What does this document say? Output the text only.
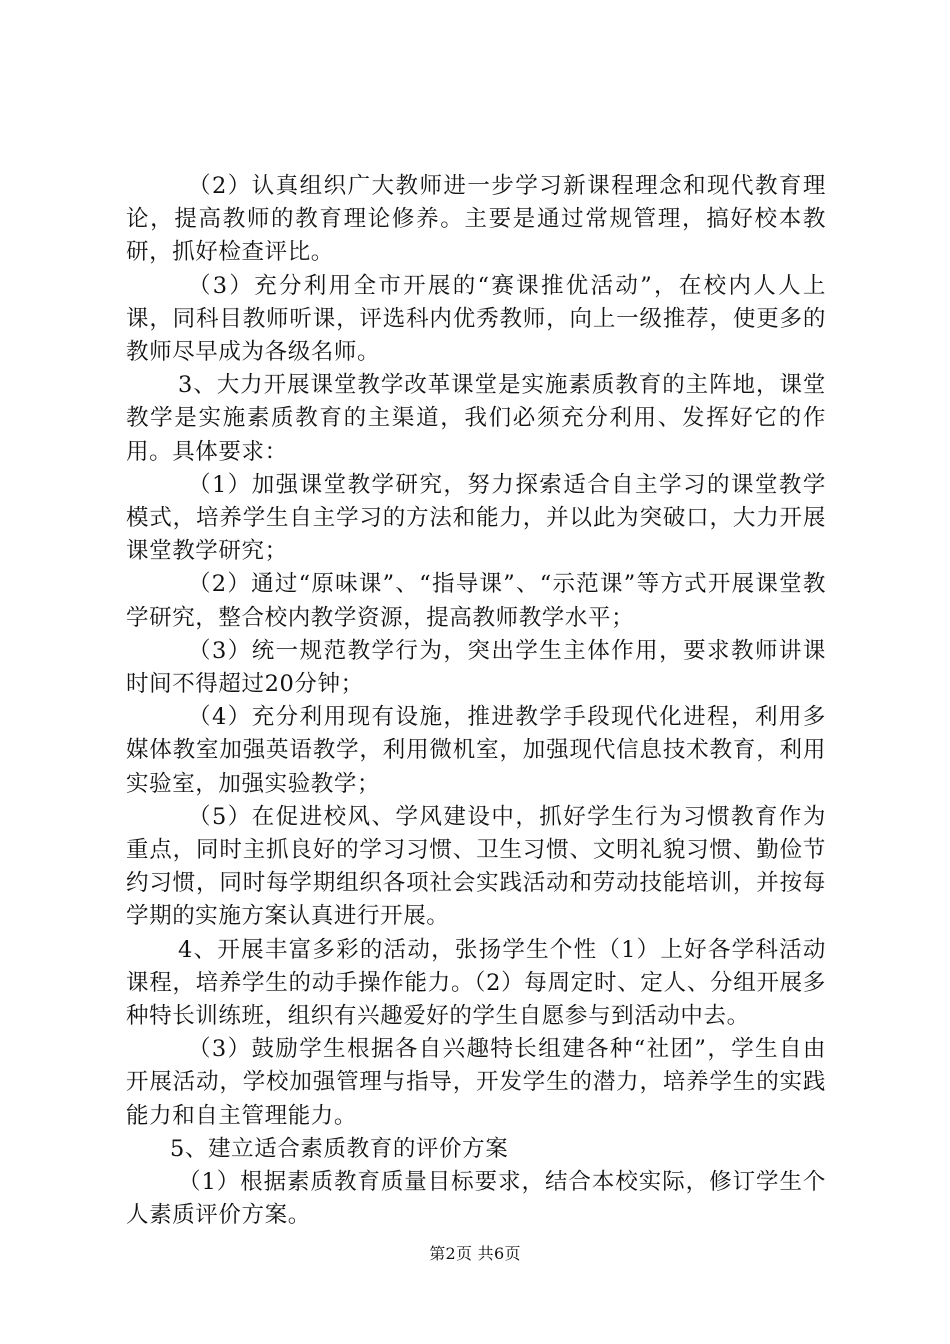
（2）认真组织广大教师进一步学习新课程理念和现代教育理论，提高教师的教育理论修养。主要是通过常规管理，搞好校本教研，抓好检查评比。

（3）充分利用全市开展的“赛课推优活动”，在校内人人上课，同科目教师听课，评选科内优秀教师，向上一级推荐，使更多的教师尽早成为各级名师。

3、大力开展课堂教学改革课堂是实施素质教育的主阵地，课堂教学是实施素质教育的主渠道，我们必须充分利用、发挥好它的作用。具体要求：

（1）加强课堂教学研究，努力探索适合自主学习的课堂教学模式，培养学生自主学习的方法和能力，并以此为突破口，大力开展课堂教学研究；

（2）通过“原味课”、“指导课”、“示范课”等方式开展课堂教学研究，整合校内教学资源，提高教师教学水平；

（3）统一规范教学行为，突出学生主体作用，要求教师讲课时间不得超过20分钟；

（4）充分利用现有设施，推进教学手段现代化进程，利用多媒体教室加强英语教学，利用微机室，加强现代信息技术教育，利用实验室，加强实验教学；

（5）在促进校风、学风建设中，抓好学生行为习惯教育作为重点，同时主抓良好的学习习惯、卫生习惯、文明礼貌习惯、勤俭节约习惯，同时每学期组织各项社会实践活动和劳动技能培训，并按每学期的实施方案认真进行开展。

4、开展丰富多彩的活动，张扬学生个性（1）上好各学科活动课程，培养学生的动手操作能力。（2）每周定时、定人、分组开展多种特长训练班，组织有兴趣爱好的学生自愿参与到活动中去。

（3）鼓励学生根据各自兴趣特长组建各种“社团”，学生自由开展活动，学校加强管理与指导，开发学生的潜力，培养学生的实践能力和自主管理能力。

5、建立适合素质教育的评价方案

（1）根据素质教育质量目标要求，结合本校实际，修订学生个人素质评价方案。

第2页 共6页
